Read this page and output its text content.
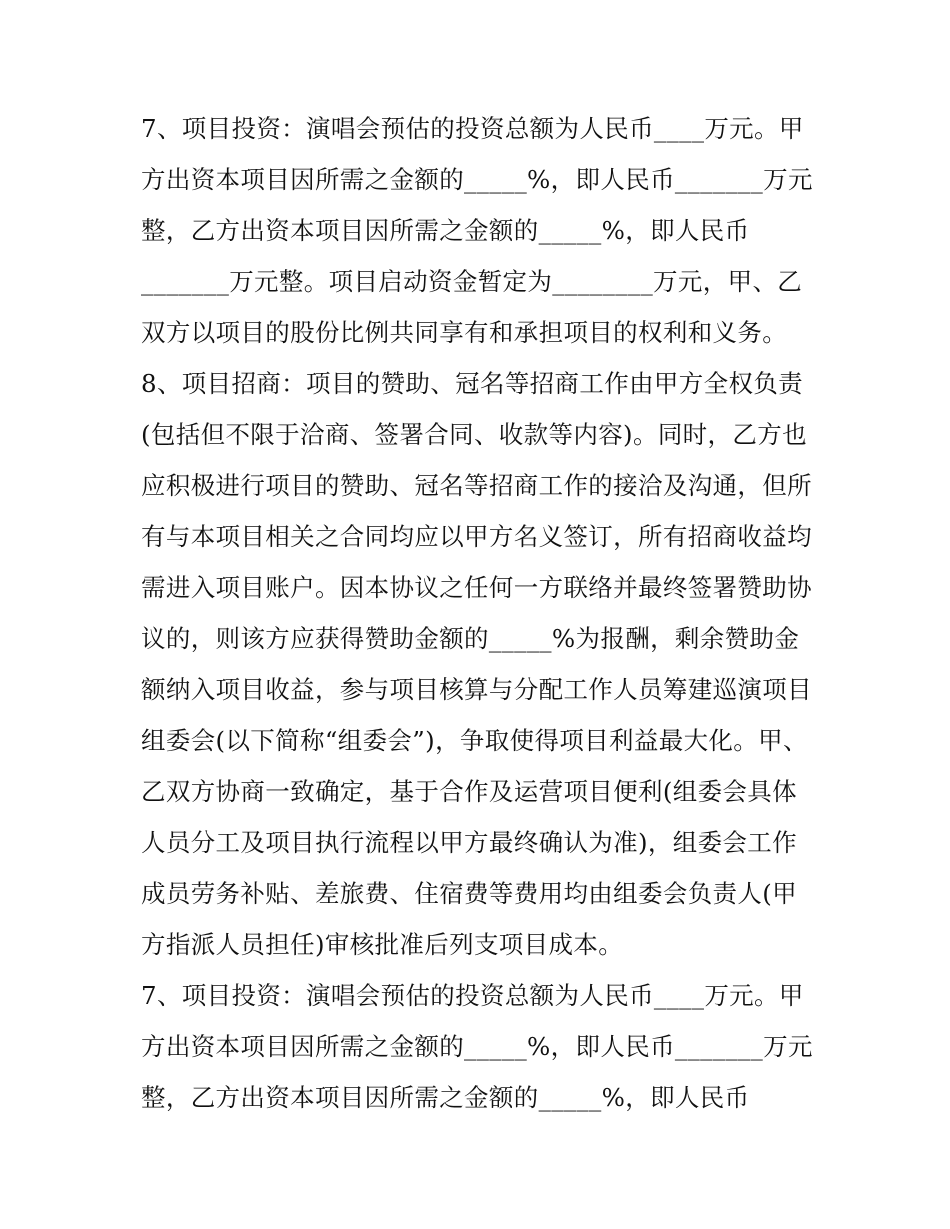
7、项目投资：演唱会预估的投资总额为人民币____万元。甲
方出资本项目因所需之金额的_____%，即人民币_______万元
整，乙方出资本项目因所需之金额的_____%，即人民币
_______万元整。项目启动资金暂定为________万元，甲、乙
双方以项目的股份比例共同享有和承担项目的权利和义务。
8、项目招商：项目的赞助、冠名等招商工作由甲方全权负责
(包括但不限于洽商、签署合同、收款等内容)。同时，乙方也
应积极进行项目的赞助、冠名等招商工作的接洽及沟通，但所
有与本项目相关之合同均应以甲方名义签订，所有招商收益均
需进入项目账户。因本协议之任何一方联络并最终签署赞助协
议的，则该方应获得赞助金额的_____%为报酬，剩余赞助金
额纳入项目收益，参与项目核算与分配工作人员筹建巡演项目
组委会(以下简称“组委会”)，争取使得项目利益最大化。甲、
乙双方协商一致确定，基于合作及运营项目便利(组委会具体
人员分工及项目执行流程以甲方最终确认为准)，组委会工作
成员劳务补贴、差旅费、住宿费等费用均由组委会负责人(甲
方指派人员担任)审核批准后列支项目成本。
7、项目投资：演唱会预估的投资总额为人民币____万元。甲
方出资本项目因所需之金额的_____%，即人民币_______万元
整，乙方出资本项目因所需之金额的_____%，即人民币
